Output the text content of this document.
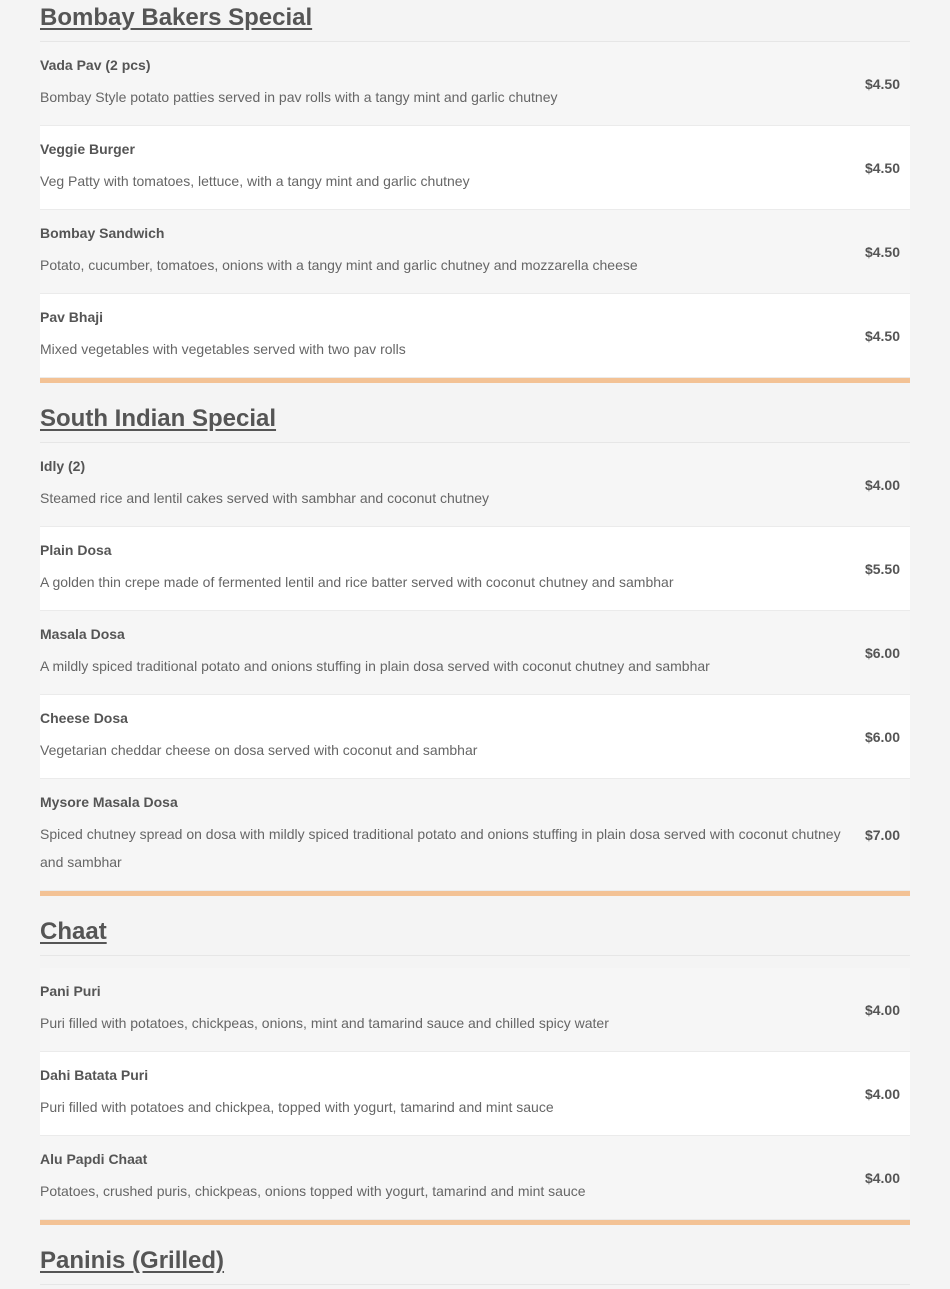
Bombay Bakers Special
Vada Pav (2 pcs)
Bombay Style potato patties served in pav rolls with a tangy mint and garlic chutney
$4.50
Veggie Burger
Veg Patty with tomatoes, lettuce, with a tangy mint and garlic chutney
$4.50
Bombay Sandwich
Potato, cucumber, tomatoes, onions with a tangy mint and garlic chutney and mozzarella cheese
$4.50
Pav Bhaji
Mixed vegetables with vegetables served with two pav rolls
$4.50
South Indian Special
Idly (2)
Steamed rice and lentil cakes served with sambhar and coconut chutney
$4.00
Plain Dosa
A golden thin crepe made of fermented lentil and rice batter served with coconut chutney and sambhar
$5.50
Masala Dosa
A mildly spiced traditional potato and onions stuffing in plain dosa served with coconut chutney and sambhar
$6.00
Cheese Dosa
Vegetarian cheddar cheese on dosa served with coconut and sambhar
$6.00
Mysore Masala Dosa
Spiced chutney spread on dosa with mildly spiced traditional potato and onions stuffing in plain dosa served with coconut chutney and sambhar
$7.00
Chaat
Pani Puri
Puri filled with potatoes, chickpeas, onions, mint and tamarind sauce and chilled spicy water
$4.00
Dahi Batata Puri
Puri filled with potatoes and chickpea, topped with yogurt, tamarind and mint sauce
$4.00
Alu Papdi Chaat
Potatoes, crushed puris, chickpeas, onions topped with yogurt, tamarind and mint sauce
$4.00
Paninis (Grilled)
